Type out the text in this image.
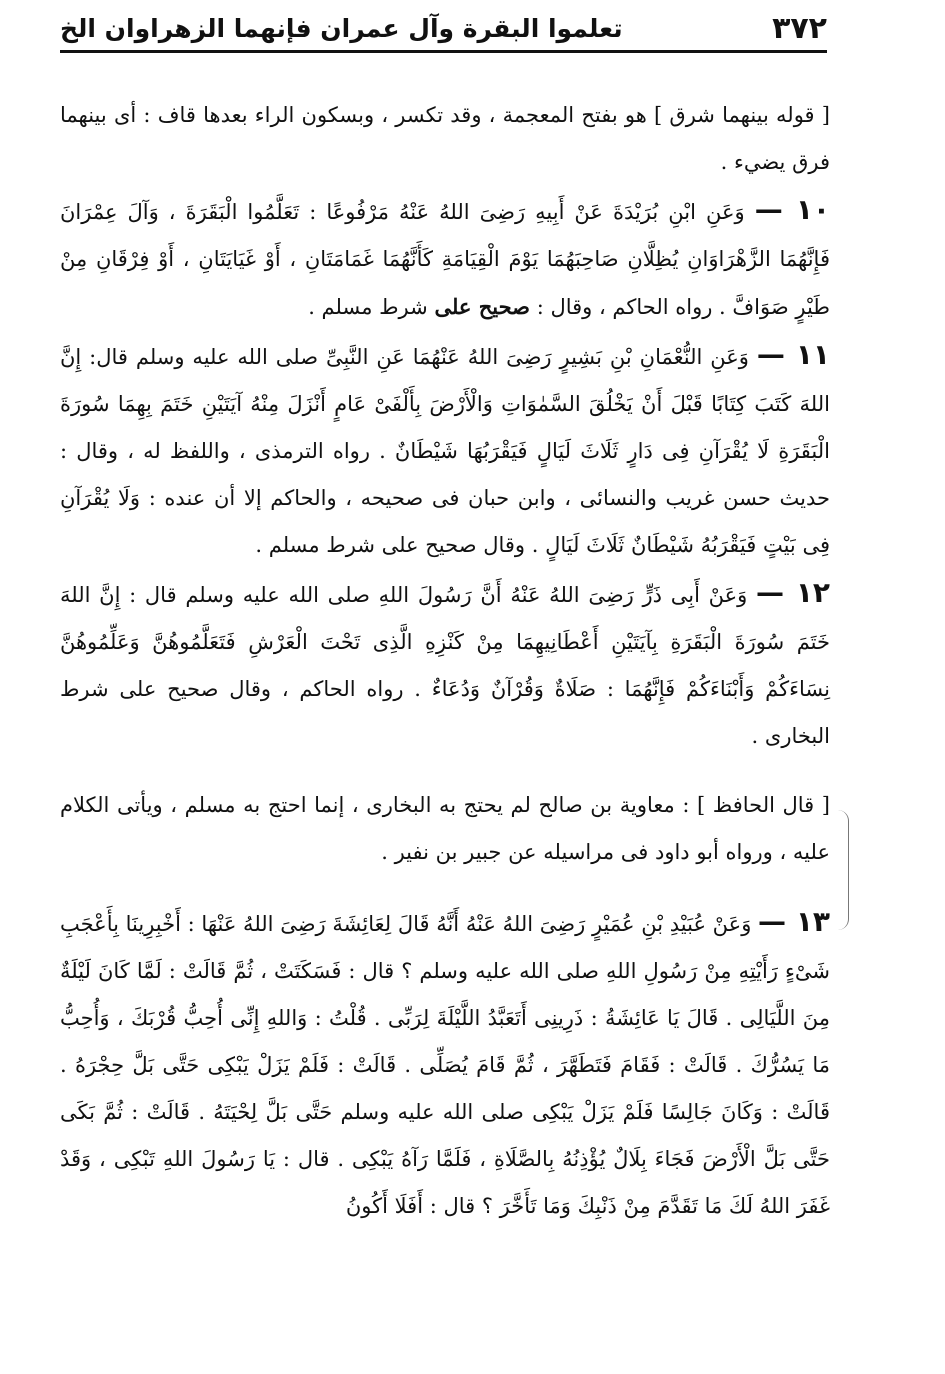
٣٧٢
تعلموا البقرة وآل عمران فإنهما الزهراوان الخ

[ قوله بينهما شرق ] هو بفتح المعجمة ، وقد تكسر ، وبسكون الراء بعدها قاف : أى بينهما فرق يضيء .

١٠ — وَعَنِ ابْنِ بُرَيْدَةَ عَنْ أَبِيهِ رَضِىَ اللهُ عَنْهُ مَرْفُوعًا : تَعَلَّمُوا الْبَقَرَةَ ، وَآلَ عِمْرَانَ فَإِنَّهُمَا الزَّهْرَاوَانِ يُظِلَّانِ صَاحِبَهُمَا يَوْمَ الْقِيَامَةِ كَأَنَّهُمَا غَمَامَتَانِ ، أَوْ غَيَايَتَانِ ، أَوْ فِرْقَانِ مِنْ طَيْرٍ صَوَافَّ . رواه الحاكم ، وقال : صحيح على شرط مسلم .

١١ — وَعَنِ النُّعْمَانِ بْنِ بَشِيرٍ رَضِىَ اللهُ عَنْهُمَا عَنِ النَّبِىِّ صلى الله عليه وسلم قال: إِنَّ اللهَ كَتَبَ كِتَابًا قَبْلَ أَنْ يَخْلُقَ السَّمٰوَاتِ وَالْأَرْضَ بِأَلْفَىْ عَامٍ أَنْزَلَ مِنْهُ آيَتَيْنِ خَتَمَ بِهِمَا سُورَةَ الْبَقَرَةِ لَا يُقْرَآنِ فِى دَارٍ ثَلَاثَ لَيَالٍ فَيَقْرَبُهَا شَيْطَانٌ . رواه الترمذى ، واللفظ له ، وقال : حديث حسن غريب والنسائى ، وابن حبان فى صحيحه ، والحاكم إلا أن عنده : وَلَا يُقْرَآنِ فِى بَيْتٍ فَيَقْرَبُهُ شَيْطَانٌ ثَلَاثَ لَيَالٍ . وقال صحيح على شرط مسلم .

١٢ — وَعَنْ أَبِى ذَرٍّ رَضِىَ اللهُ عَنْهُ أَنَّ رَسُولَ اللهِ صلى الله عليه وسلم قال : إِنَّ اللهَ خَتَمَ سُورَةَ الْبَقَرَةِ بِآيَتَيْنِ أَعْطَانِيهِمَا مِنْ كَنْزِهِ الَّذِى تَحْتَ الْعَرْشِ فَتَعَلَّمُوهُنَّ وَعَلِّمُوهُنَّ نِسَاءَكُمْ وَأَبْنَاءَكُمْ فَإِنَّهُمَا : صَلَاةٌ وَقُرْآنٌ وَدُعَاءٌ . رواه الحاكم ، وقال صحيح على شرط البخارى .

[ قال الحافظ ] : معاوية بن صالح لم يحتج به البخارى ، إنما احتج به مسلم ، ويأتى الكلام عليه ، ورواه أبو داود فى مراسيله عن جبير بن نفير .

١٣ — وَعَنْ عُبَيْدِ بْنِ عُمَيْرٍ رَضِىَ اللهُ عَنْهُ أَنَّهُ قَالَ لِعَائِشَةَ رَضِىَ اللهُ عَنْهَا : أَخْبِرِينَا بِأَعْجَبِ شَىْءٍ رَأَيْتِهِ مِنْ رَسُولِ اللهِ صلى الله عليه وسلم ؟ قال : فَسَكَتَتْ ، ثُمَّ قَالَتْ : لَمَّا كَانَ لَيْلَةٌ مِنَ اللَّيَالِى . قَالَ يَا عَائِشَةُ : ذَرِينِى أَتَعَبَّدُ اللَّيْلَةَ لِرَبِّى . قُلْتُ : وَاللهِ إِنِّى أُحِبُّ قُرْبَكَ ، وَأُحِبُّ مَا يَسُرُّكَ . قَالَتْ : فَقَامَ فَتَطَهَّرَ ، ثُمَّ قَامَ يُصَلِّى . قَالَتْ : فَلَمْ يَزَلْ يَبْكِى حَتَّى بَلَّ حِجْرَهُ . قَالَتْ : وَكَانَ جَالِسًا فَلَمْ يَزَلْ يَبْكِى صلى الله عليه وسلم حَتَّى بَلَّ لِحْيَتَهُ . قَالَتْ : ثُمَّ بَكَى حَتَّى بَلَّ الْأَرْضَ فَجَاءَ بِلَالٌ يُؤْذِنُهُ بِالصَّلَاةِ ، فَلَمَّا رَآهُ يَبْكِى . قال : يَا رَسُولَ اللهِ تَبْكِى ، وَقَدْ غَفَرَ اللهُ لَكَ مَا تَقَدَّمَ مِنْ ذَنْبِكَ وَمَا تَأَخَّرَ ؟ قال : أَفَلَا أَكُونُ
